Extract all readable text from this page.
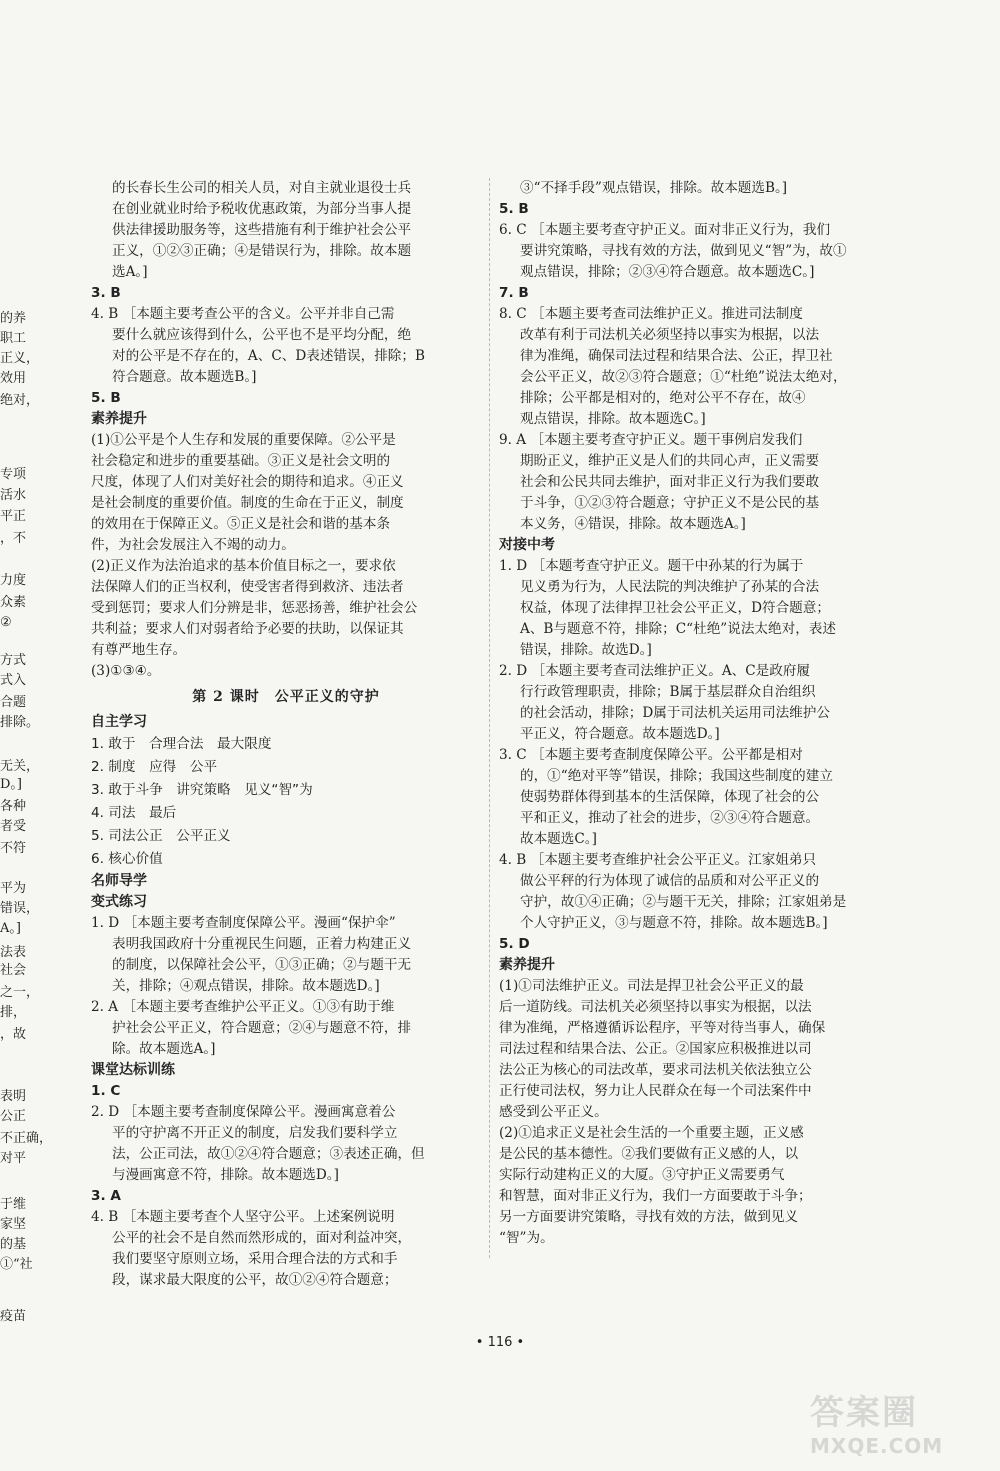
的养
职工
正义，
效用
绝对，
专项
活水
平正
，不
力度
众素
②
方式
式入
合题
排除。
无关，
D。]
各种
者受
不符
平为
错误，
A。]
法表
社会
之一，
排，
，故
表明
公正
不正确，
对平
于维
家坚
的基
①“社
疫苗
的长春长生公司的相关人员，对自主就业退役士兵
在创业就业时给予税收优惠政策，为部分当事人提
供法律援助服务等，这些措施有利于维护社会公平
正义，①②③正确；④是错误行为，排除。故本题
选A。]
3. B
4. B ［本题主要考查公平的含义。公平并非自己需
要什么就应该得到什么，公平也不是平均分配，绝
对的公平是不存在的，A、C、D表述错误，排除；B
符合题意。故本题选B。]
5. B
素养提升
(1)①公平是个人生存和发展的重要保障。②公平是
社会稳定和进步的重要基础。③正义是社会文明的
尺度，体现了人们对美好社会的期待和追求。④正义
是社会制度的重要价值。制度的生命在于正义，制度
的效用在于保障正义。⑤正义是社会和谐的基本条
件，为社会发展注入不竭的动力。
(2)正义作为法治追求的基本价值目标之一，要求依
法保障人们的正当权利，使受害者得到救济、违法者
受到惩罚；要求人们分辨是非，惩恶扬善，维护社会公
共利益；要求人们对弱者给予必要的扶助，以保证其
有尊严地生存。
(3)①③④。
第 2 课时　公平正义的守护
自主学习
1. 敢于　合理合法　最大限度
2. 制度　应得　公平
3. 敢于斗争　讲究策略　见义“智”为
4. 司法　最后
5. 司法公正　公平正义
6. 核心价值
名师导学
变式练习
1. D ［本题主要考查制度保障公平。漫画“保护伞”
表明我国政府十分重视民生问题，正着力构建正义
的制度，以保障社会公平，①③正确；②与题干无
关，排除；④观点错误，排除。故本题选D。]
2. A ［本题主要考查维护公平正义。①③有助于维
护社会公平正义，符合题意；②④与题意不符，排
除。故本题选A。]
课堂达标训练
1. C
2. D ［本题主要考查制度保障公平。漫画寓意着公
平的守护离不开正义的制度，启发我们要科学立
法，公正司法，故①②④符合题意；③表述正确，但
与漫画寓意不符，排除。故本题选D。]
3. A
4. B ［本题主要考查个人坚守公平。上述案例说明
公平的社会不是自然而然形成的，面对利益冲突，
我们要坚守原则立场，采用合理合法的方式和手
段，谋求最大限度的公平，故①②④符合题意；
③“不择手段”观点错误，排除。故本题选B。]
5. B
6. C ［本题主要考查守护正义。面对非正义行为，我们
要讲究策略，寻找有效的方法，做到见义“智”为，故①
观点错误，排除；②③④符合题意。故本题选C。]
7. B
8. C ［本题主要考查司法维护正义。推进司法制度
改革有利于司法机关必须坚持以事实为根据，以法
律为准绳，确保司法过程和结果合法、公正，捍卫社
会公平正义，故②③符合题意；①“杜绝”说法太绝对，
排除；公平都是相对的，绝对公平不存在，故④
观点错误，排除。故本题选C。]
9. A ［本题主要考查守护正义。题干事例启发我们
期盼正义，维护正义是人们的共同心声，正义需要
社会和公民共同去维护，面对非正义行为我们要敢
于斗争，①②③符合题意；守护正义不是公民的基
本义务，④错误，排除。故本题选A。]
对接中考
1. D ［本题考查守护正义。题干中孙某的行为属于
见义勇为行为，人民法院的判决维护了孙某的合法
权益，体现了法律捍卫社会公平正义，D符合题意；
A、B与题意不符，排除；C“杜绝”说法太绝对，表述
错误，排除。故选D。]
2. D ［本题主要考查司法维护正义。A、C是政府履
行行政管理职责，排除；B属于基层群众自治组织
的社会活动，排除；D属于司法机关运用司法维护公
平正义，符合题意。故本题选D。]
3. C ［本题主要考查制度保障公平。公平都是相对
的，①“绝对平等”错误，排除；我国这些制度的建立
使弱势群体得到基本的生活保障，体现了社会的公
平和正义，推动了社会的进步，②③④符合题意。
故本题选C。]
4. B ［本题主要考查维护社会公平正义。江家姐弟只
做公平秤的行为体现了诚信的品质和对公平正义的
守护，故①④正确；②与题干无关，排除；江家姐弟是
个人守护正义，③与题意不符，排除。故本题选B。]
5. D
素养提升
(1)①司法维护正义。司法是捍卫社会公平正义的最
后一道防线。司法机关必须坚持以事实为根据，以法
律为准绳，严格遵循诉讼程序，平等对待当事人，确保
司法过程和结果合法、公正。②国家应积极推进以司
法公正为核心的司法改革，要求司法机关依法独立公
正行使司法权，努力让人民群众在每一个司法案件中
感受到公平正义。
(2)①追求正义是社会生活的一个重要主题，正义感
是公民的基本德性。②我们要做有正义感的人，以
实际行动建构正义的大厦。③守护正义需要勇气
和智慧，面对非正义行为，我们一方面要敢于斗争；
另一方面要讲究策略，寻找有效的方法，做到见义
“智”为。
• 116 •
答案圈
MXQE.COM
